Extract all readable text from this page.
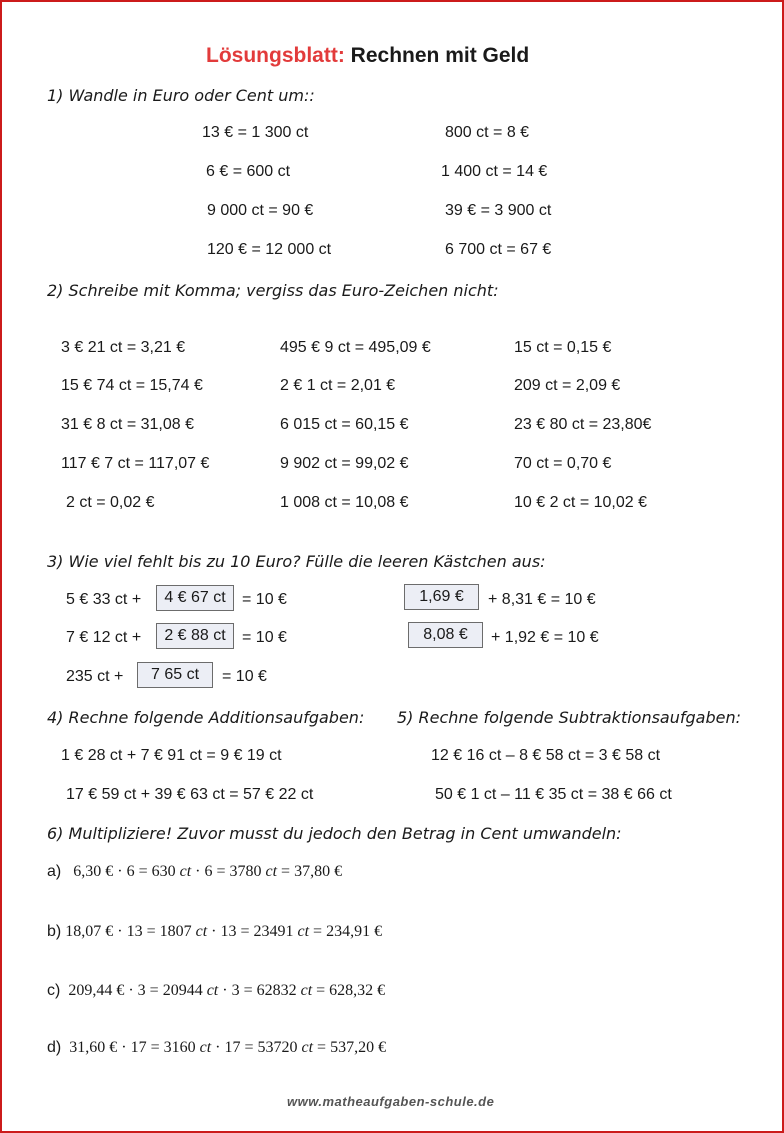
Lösungsblatt: Rechnen mit Geld
1) Wandle in Euro oder Cent um::
13 € = 1 300 ct	800 ct = 8 €
6 € = 600 ct	1 400 ct = 14 €
9 000 ct = 90 €	39 € = 3 900 ct
120 € = 12 000 ct	6 700 ct = 67 €
2) Schreibe mit Komma; vergiss das Euro-Zeichen nicht:
3 € 21 ct = 3,21 €	495 € 9 ct = 495,09 €	15 ct = 0,15 €
15 € 74 ct = 15,74 €	2 € 1 ct = 2,01 €	209 ct = 2,09 €
31 € 8 ct = 31,08 €	6 015 ct = 60,15 €	23 € 80 ct = 23,80€
117 € 7 ct = 117,07 €	9 902 ct = 99,02 €	70 ct = 0,70 €
2 ct = 0,02 €	1 008 ct = 10,08 €	10 € 2 ct = 10,02 €
3) Wie viel fehlt bis zu 10 Euro? Fülle die leeren Kästchen aus:
5 € 33 ct +	4 € 67 ct	= 10 €
7 € 12 ct +	2 € 88 ct	= 10 €
235 ct +	7 65 ct	= 10 €
1,69 €	+ 8,31 € = 10 €
8,08 €	+ 1,92 € = 10 €
4) Rechne folgende Additionsaufgaben: 5) Rechne folgende Subtraktionsaufgaben:
1 € 28 ct + 7 € 91 ct = 9 € 19 ct
17 € 59 ct + 39 € 63 ct = 57 € 22 ct
12 € 16 ct – 8 € 58 ct = 3 € 58 ct
50 € 1 ct – 11 € 35 ct = 38 € 66 ct
6) Multipliziere! Zuvor musst du jedoch den Betrag in Cent umwandeln:
a) 6,30 € · 6 = 630 ct · 6 = 3780 ct = 37,80 €
b) 18,07 € · 13 = 1807 ct · 13 = 23491 ct = 234,91 €
c) 209,44 € · 3 = 20944 ct · 3 = 62832 ct = 628,32 €
d) 31,60 € · 17 = 3160 ct · 17 = 53720 ct = 537,20 €
www.matheaufgaben-schule.de
